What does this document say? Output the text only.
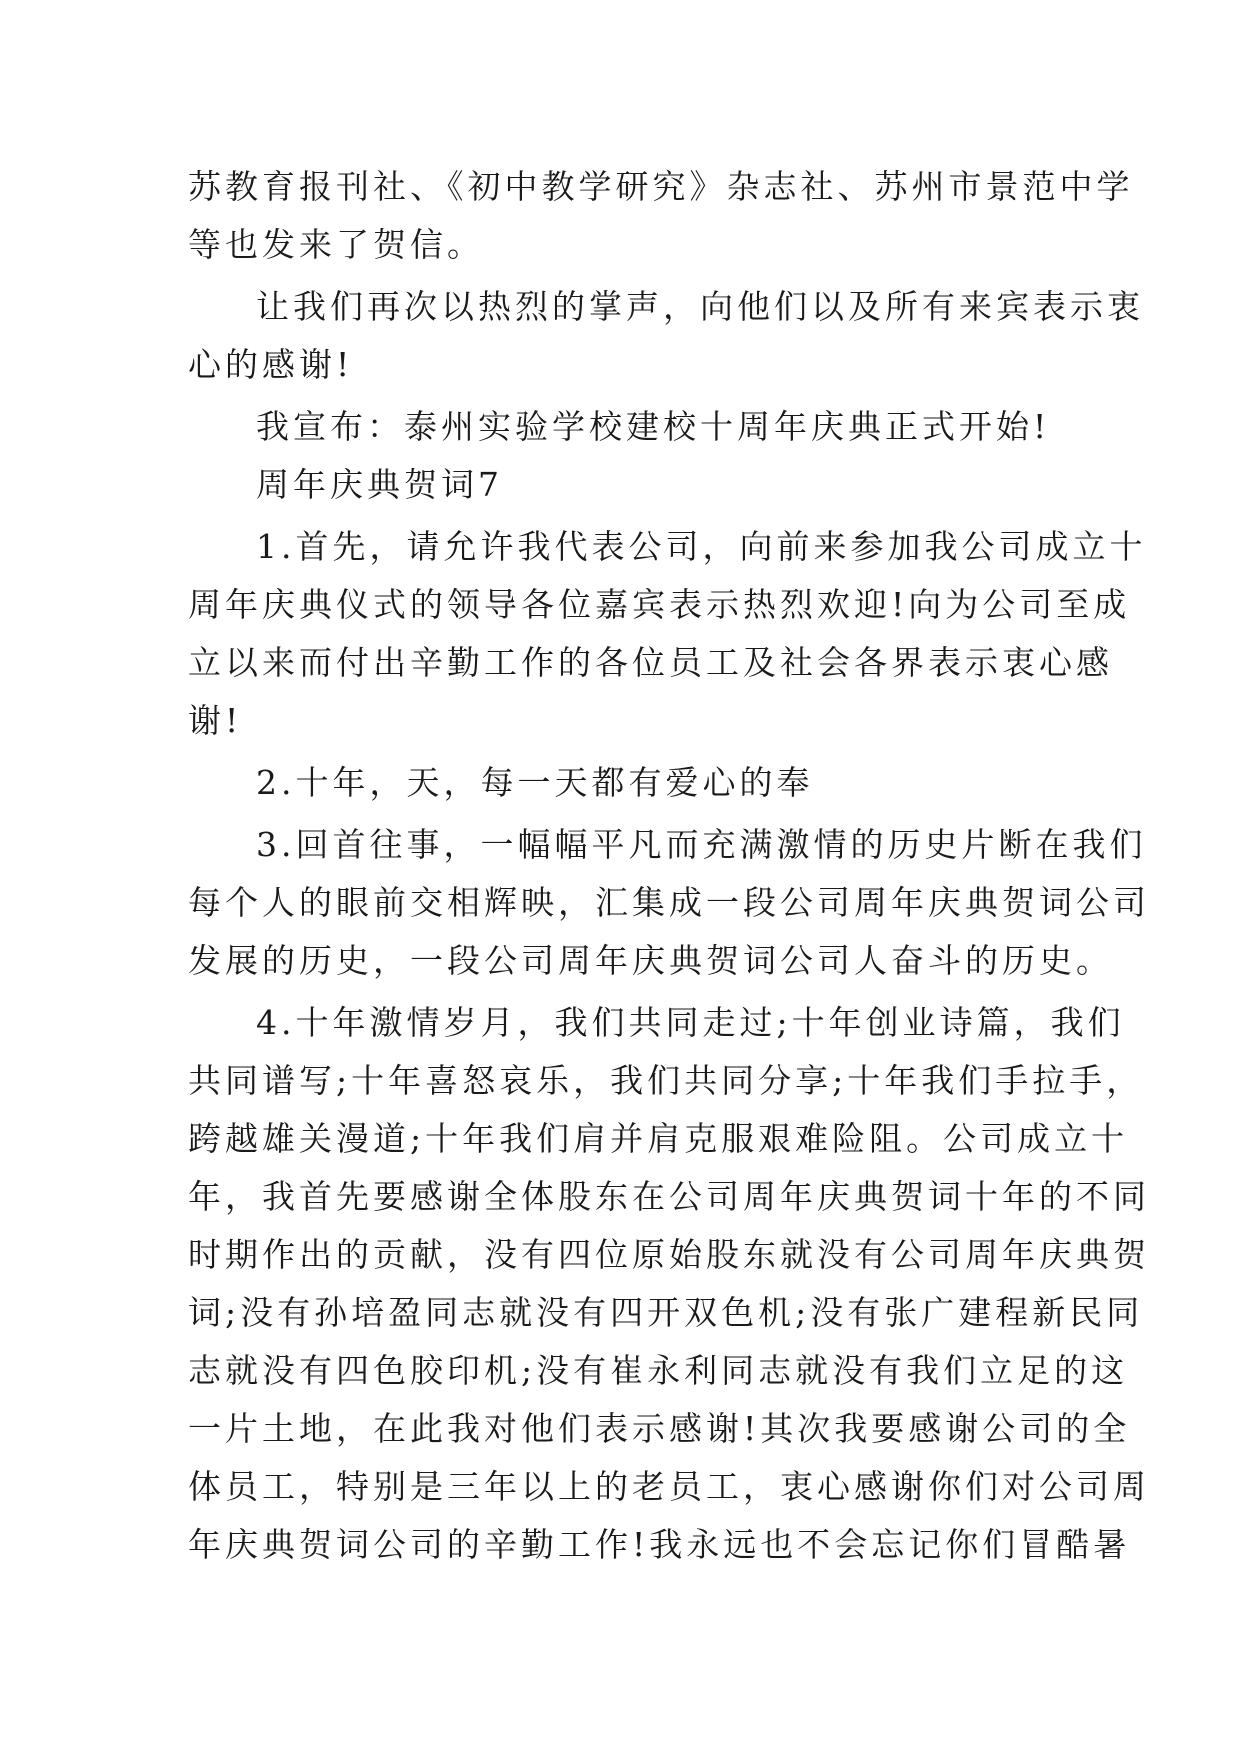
苏教育报刊社、《初中教学研究》杂志社、苏州市景范中学
等也发来了贺信。
让我们再次以热烈的掌声，向他们以及所有来宾表示衷
心的感谢!
我宣布：泰州实验学校建校十周年庆典正式开始!
周年庆典贺词7
1.首先，请允许我代表公司，向前来参加我公司成立十
周年庆典仪式的领导各位嘉宾表示热烈欢迎!向为公司至成
立以来而付出辛勤工作的各位员工及社会各界表示衷心感
谢!
2.十年，天，每一天都有爱心的奉
3.回首往事，一幅幅平凡而充满激情的历史片断在我们
每个人的眼前交相辉映，汇集成一段公司周年庆典贺词公司
发展的历史，一段公司周年庆典贺词公司人奋斗的历史。
4.十年激情岁月，我们共同走过;十年创业诗篇，我们
共同谱写;十年喜怒哀乐，我们共同分享;十年我们手拉手，
跨越雄关漫道;十年我们肩并肩克服艰难险阻。公司成立十
年，我首先要感谢全体股东在公司周年庆典贺词十年的不同
时期作出的贡献，没有四位原始股东就没有公司周年庆典贺
词;没有孙培盈同志就没有四开双色机;没有张广建程新民同
志就没有四色胶印机;没有崔永利同志就没有我们立足的这
一片土地，在此我对他们表示感谢!其次我要感谢公司的全
体员工，特别是三年以上的老员工，衷心感谢你们对公司周
年庆典贺词公司的辛勤工作!我永远也不会忘记你们冒酷暑
